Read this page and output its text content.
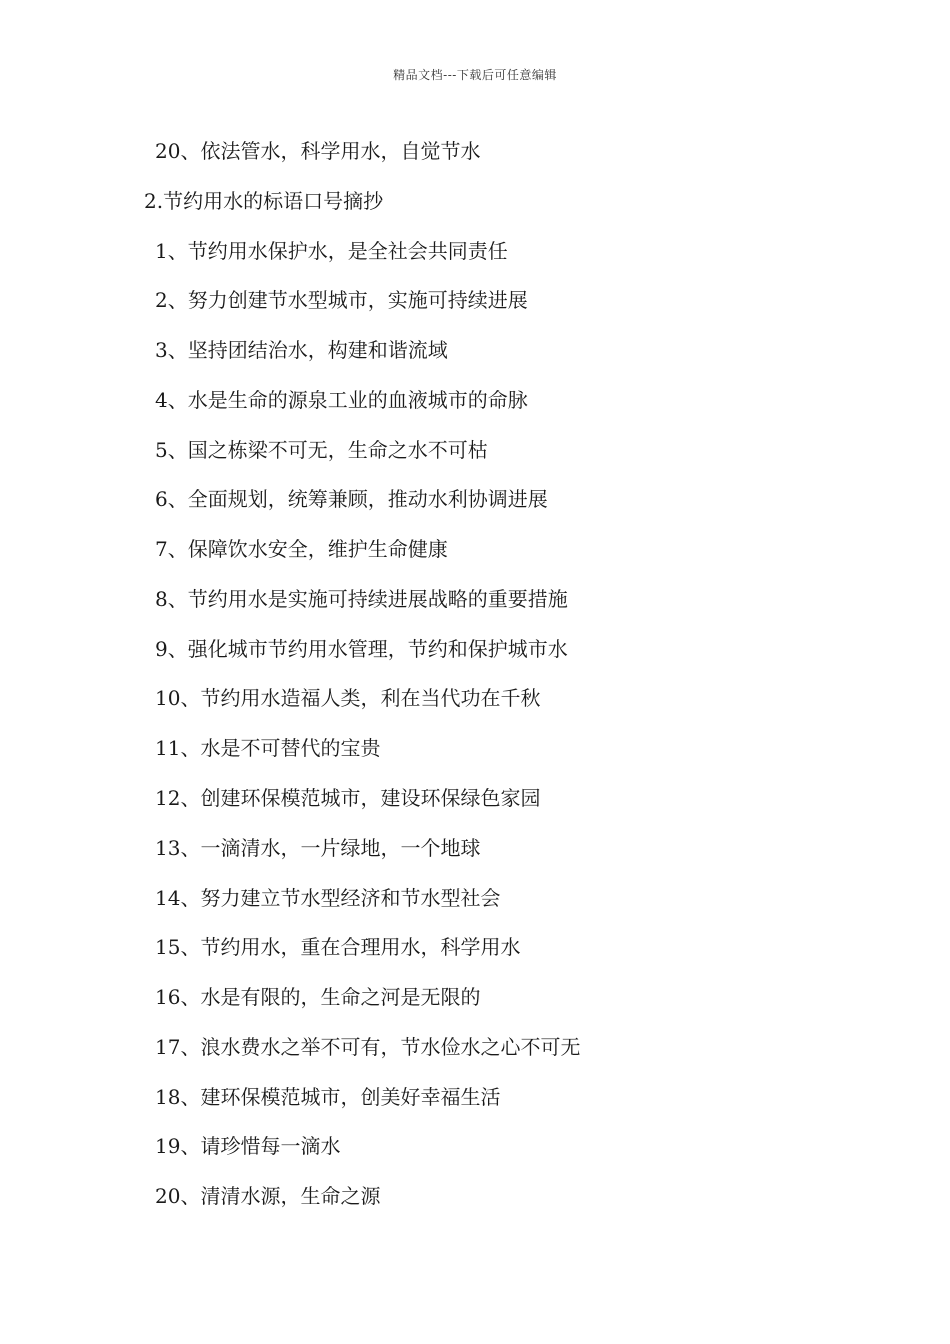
精品文档---下载后可任意编辑
20、依法管水，科学用水，自觉节水
2.节约用水的标语口号摘抄
1、节约用水保护水，是全社会共同责任
2、努力创建节水型城市，实施可持续进展
3、坚持团结治水，构建和谐流域
4、水是生命的源泉工业的血液城市的命脉
5、国之栋梁不可无，生命之水不可枯
6、全面规划，统筹兼顾，推动水利协调进展
7、保障饮水安全，维护生命健康
8、节约用水是实施可持续进展战略的重要措施
9、强化城市节约用水管理，节约和保护城市水
10、节约用水造福人类，利在当代功在千秋
11、水是不可替代的宝贵
12、创建环保模范城市，建设环保绿色家园
13、一滴清水，一片绿地，一个地球
14、努力建立节水型经济和节水型社会
15、节约用水，重在合理用水，科学用水
16、水是有限的，生命之河是无限的
17、浪水费水之举不可有，节水俭水之心不可无
18、建环保模范城市，创美好幸福生活
19、请珍惜每一滴水
20、清清水源，生命之源
